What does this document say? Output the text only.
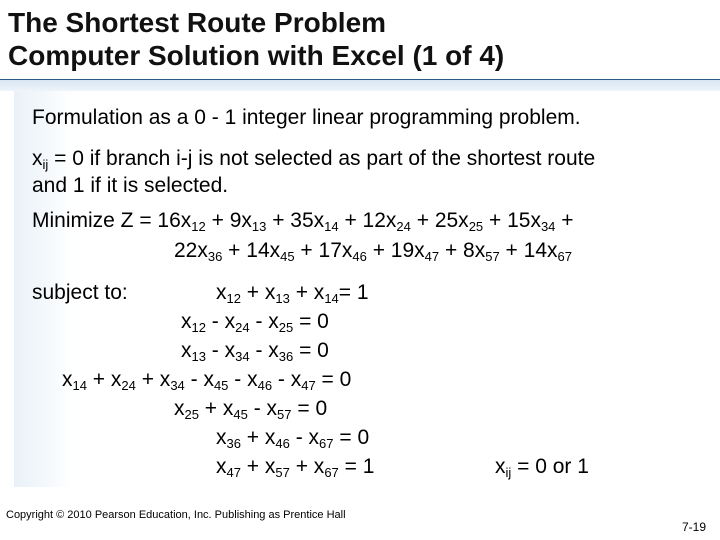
The Shortest Route Problem
Computer Solution with Excel (1 of 4)
Formulation as a 0 - 1 integer linear programming problem.
$x_{ij} = 0$ if branch i-j is not selected as part of the shortest route
and 1 if it is selected.
Minimize $Z = 16x_{12} + 9x_{13} + 35x_{14} + 12x_{24} + 25x_{25} + 15x_{34}$ +
$22x_{36} + 14x_{45} + 17x_{46} + 19x_{47} + 8x_{57} + 14x_{67}$
subject to:	$x_{12} + x_{13} + x_{14}= 1$
$x_{12} - x_{24} - x_{25} = 0$
$x_{13} - x_{34} - x_{36} = 0$
$x_{14} + x_{24} + x_{34} - x_{45} - x_{46} - x_{47} = 0$
$x_{25} + x_{45} - x_{57} = 0$
$x_{36} + x_{46} - x_{67} = 0$
$x_{47} + x_{57} + x_{67} = 1$	$x_{ij} = 0$ or 1
Copyright © 2010 Pearson Education, Inc. Publishing as Prentice Hall
7-19
